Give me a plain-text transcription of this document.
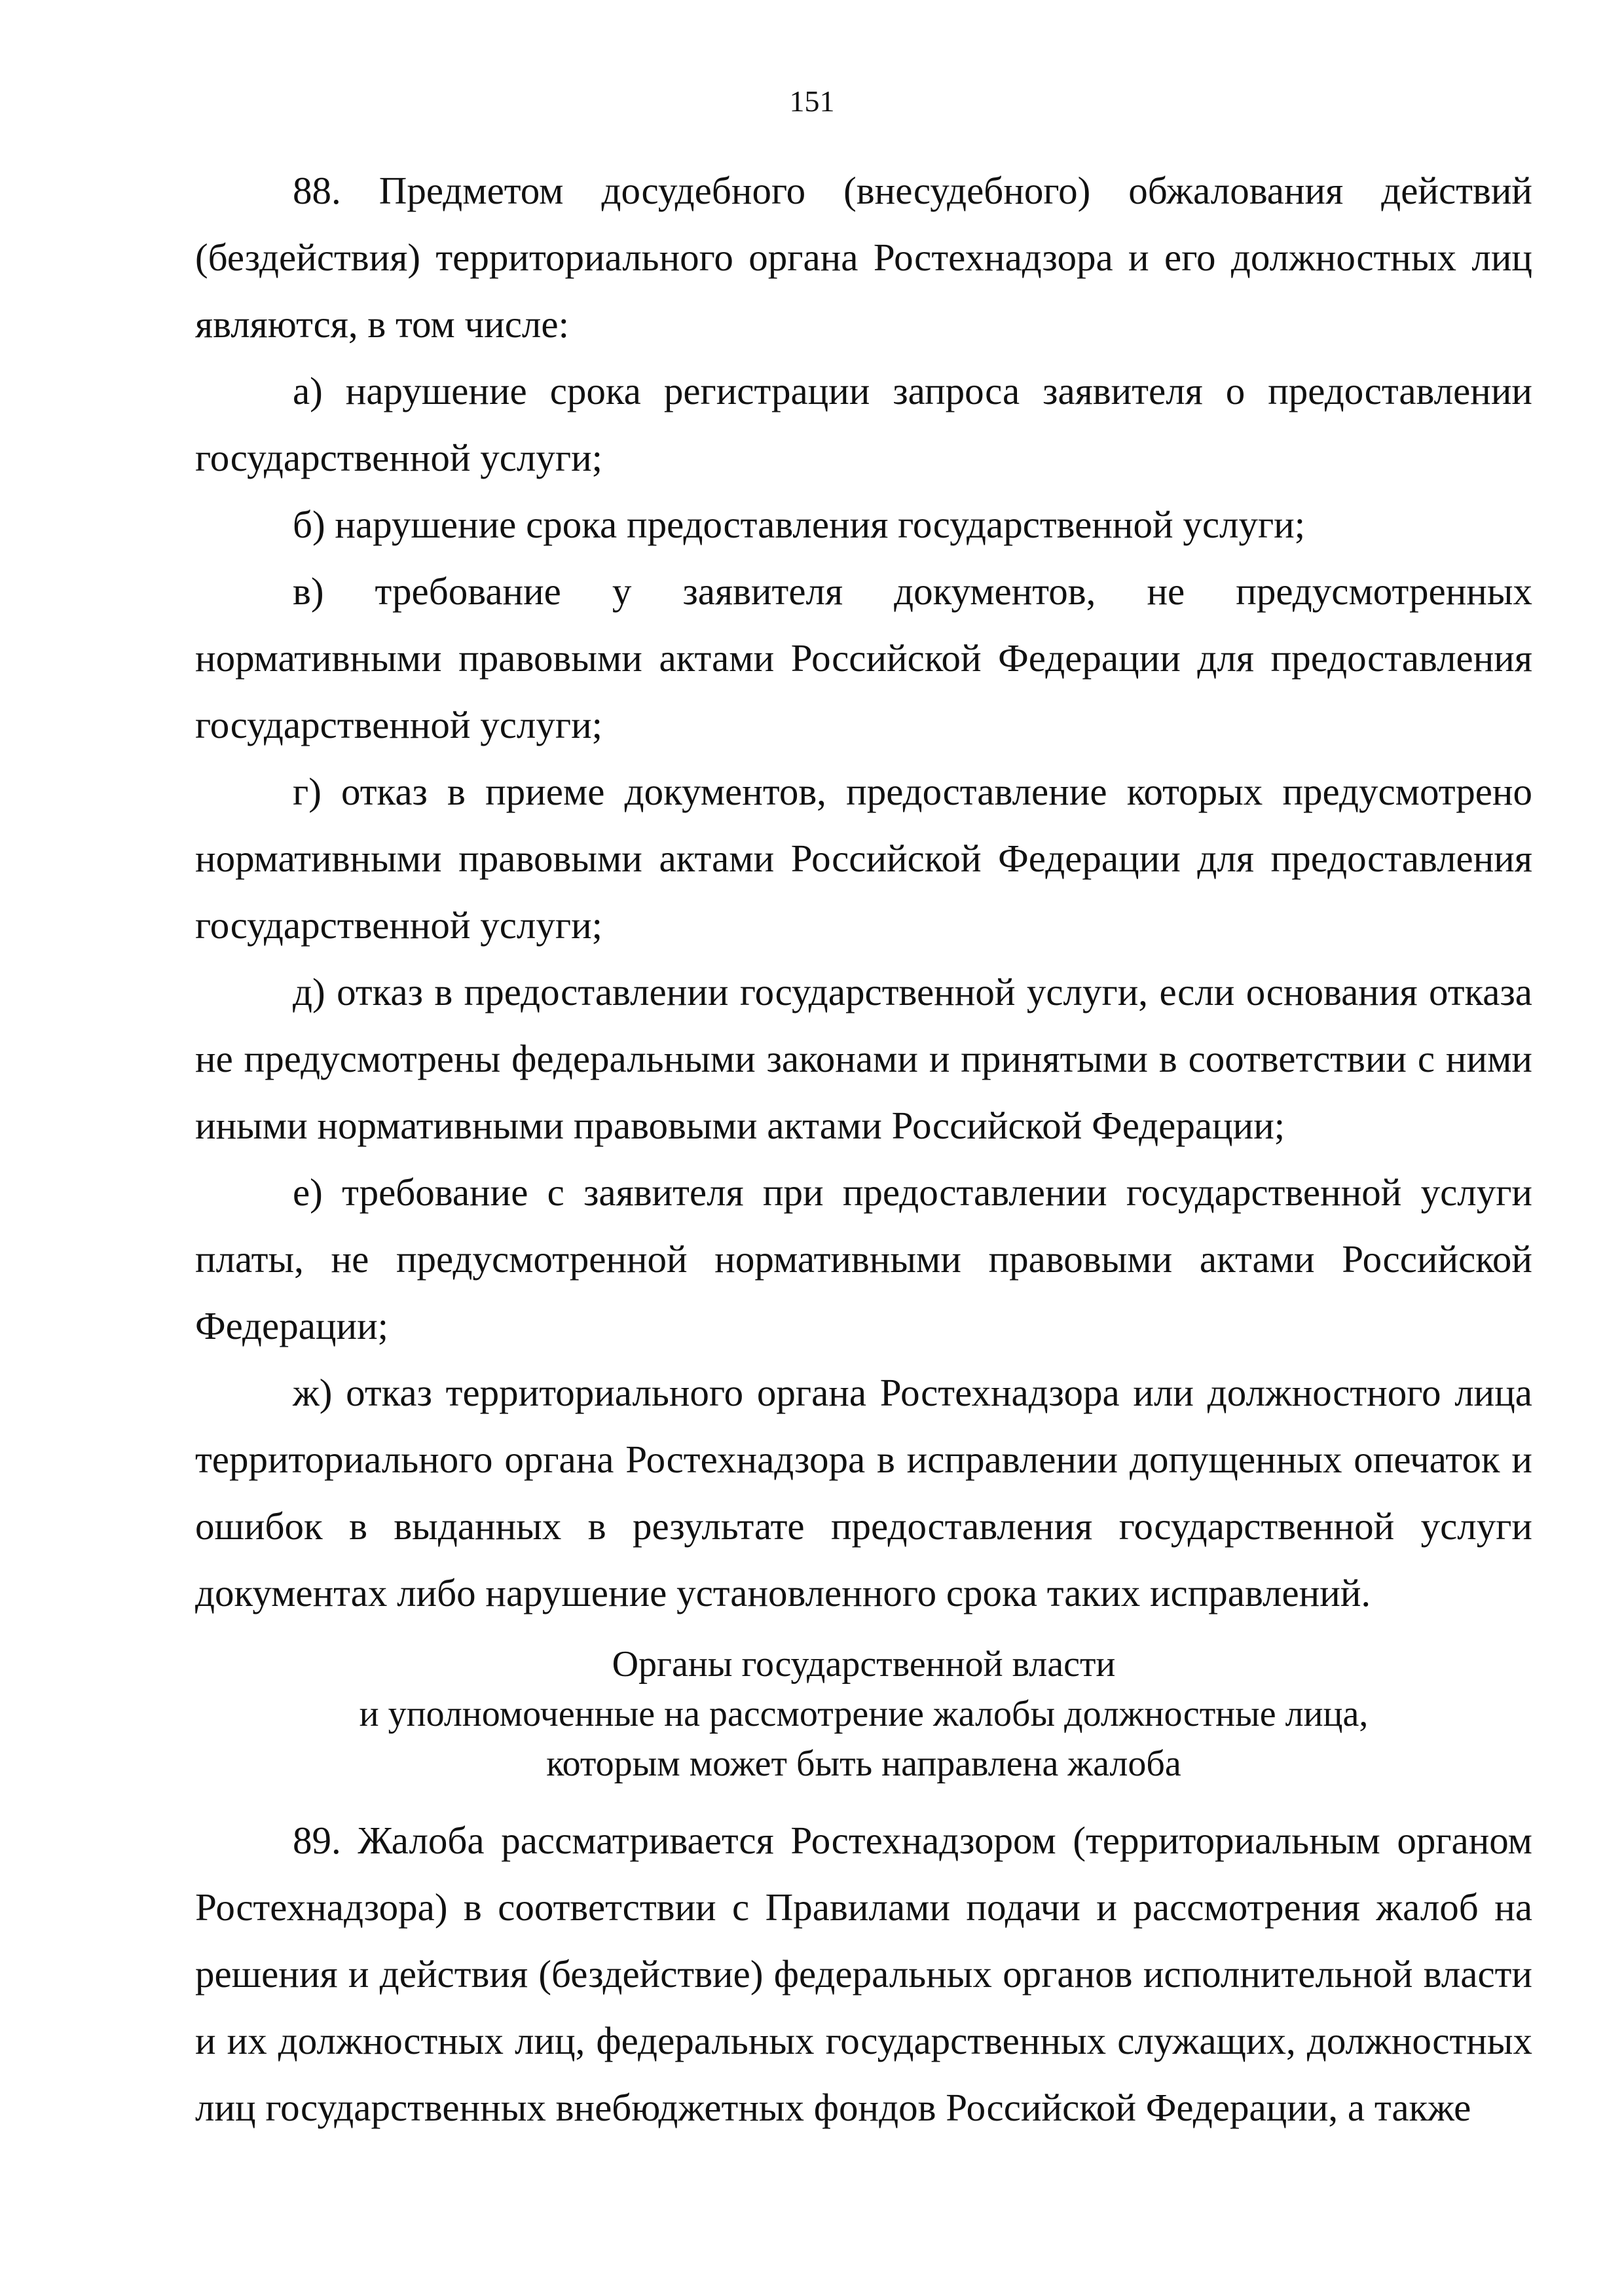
151

88. Предметом досудебного (внесудебного) обжалования действий (бездействия) территориального органа Ростехнадзора и его должностных лиц являются, в том числе:

а) нарушение срока регистрации запроса заявителя о предоставлении государственной услуги;

б) нарушение срока предоставления государственной услуги;

в) требование у заявителя документов, не предусмотренных нормативными правовыми актами Российской Федерации для предоставления государственной услуги;

г) отказ в приеме документов, предоставление которых предусмотрено нормативными правовыми актами Российской Федерации для предоставления государственной услуги;

д) отказ в предоставлении государственной услуги, если основания отказа не предусмотрены федеральными законами и принятыми в соответствии с ними иными нормативными правовыми актами Российской Федерации;

е) требование с заявителя при предоставлении государственной услуги платы, не предусмотренной нормативными правовыми актами Российской Федерации;

ж) отказ территориального органа Ростехнадзора или должностного лица территориального органа Ростехнадзора в исправлении допущенных опечаток и ошибок в выданных в результате предоставления государственной услуги документах либо нарушение установленного срока таких исправлений.

Органы государственной власти
и уполномоченные на рассмотрение жалобы должностные лица,
которым может быть направлена жалоба

89. Жалоба рассматривается Ростехнадзором (территориальным органом Ростехнадзора) в соответствии с Правилами подачи и рассмотрения жалоб на решения и действия (бездействие) федеральных органов исполнительной власти и их должностных лиц, федеральных государственных служащих, должностных лиц государственных внебюджетных фондов Российской Федерации, а также
